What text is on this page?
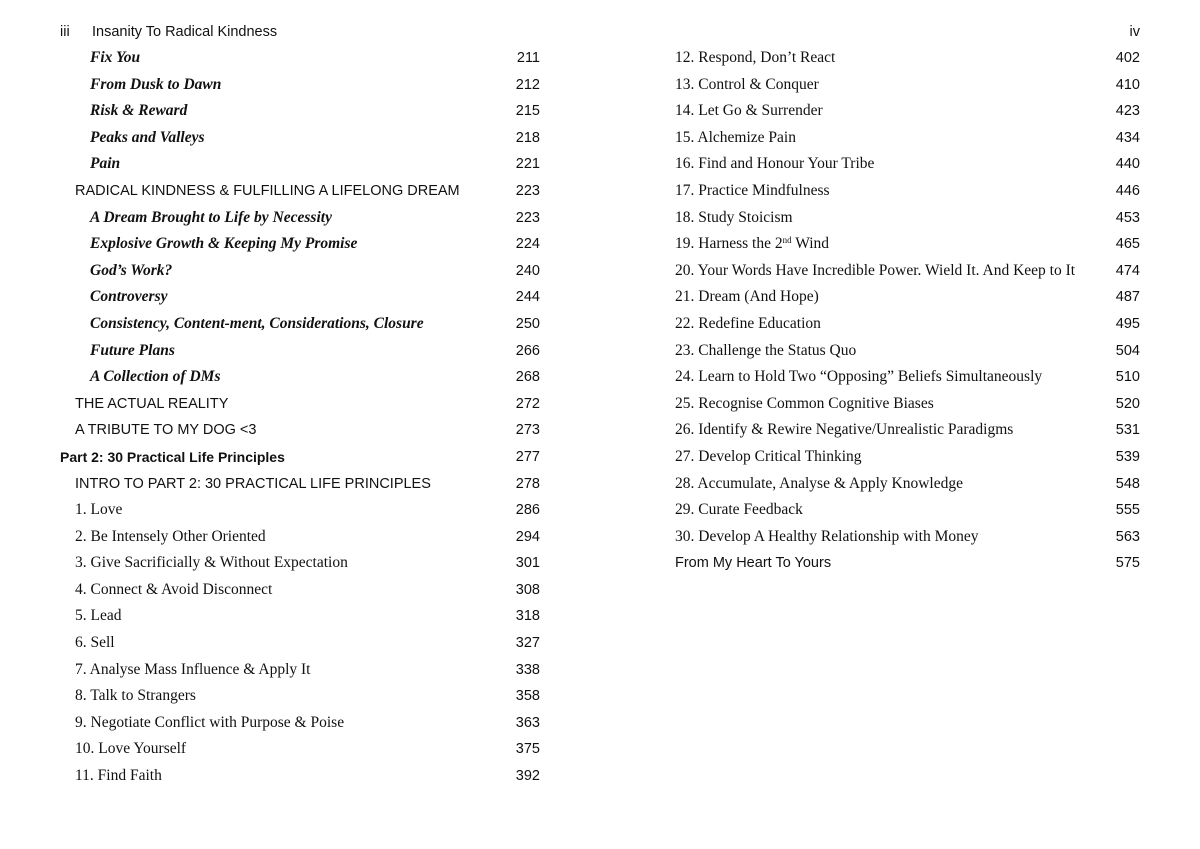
iii Insanity To Radical Kindness	iv
Fix You	211
From Dusk to Dawn	212
Risk & Reward	215
Peaks and Valleys	218
Pain	221
RADICAL KINDNESS & FULFILLING A LIFELONG DREAM	223
A Dream Brought to Life by Necessity	223
Explosive Growth & Keeping My Promise	224
God’s Work?	240
Controversy	244
Consistency, Content-ment, Considerations, Closure	250
Future Plans	266
A Collection of DMs	268
THE ACTUAL REALITY	272
A TRIBUTE TO MY DOG <3	273
Part 2: 30 Practical Life Principles	277
INTRO TO PART 2: 30 PRACTICAL LIFE PRINCIPLES	278
1. Love	286
2. Be Intensely Other Oriented	294
3. Give Sacrificially & Without Expectation	301
4. Connect & Avoid Disconnect	308
5. Lead	318
6. Sell	327
7. Analyse Mass Influence & Apply It	338
8. Talk to Strangers	358
9. Negotiate Conflict with Purpose & Poise	363
10. Love Yourself	375
11. Find Faith	392
12. Respond, Don’t React	402
13. Control & Conquer	410
14. Let Go & Surrender	423
15. Alchemize Pain	434
16. Find and Honour Your Tribe	440
17. Practice Mindfulness	446
18. Study Stoicism	453
19. Harness the 2nd Wind	465
20. Your Words Have Incredible Power. Wield It. And Keep to It	474
21. Dream (And Hope)	487
22. Redefine Education	495
23. Challenge the Status Quo	504
24. Learn to Hold Two “Opposing” Beliefs Simultaneously	510
25. Recognise Common Cognitive Biases	520
26. Identify & Rewire Negative/Unrealistic Paradigms	531
27. Develop Critical Thinking	539
28. Accumulate, Analyse & Apply Knowledge	548
29. Curate Feedback	555
30. Develop A Healthy Relationship with Money	563
From My Heart To Yours	575
